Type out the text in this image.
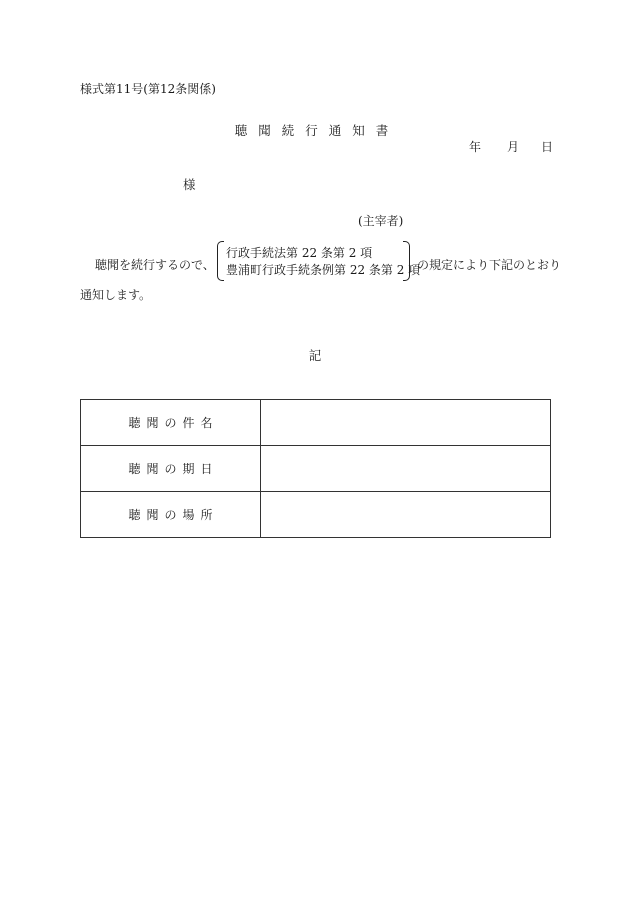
様式第11号(第12条関係)
聴聞続行通知書
年 月 日
様
(主宰者)
聴聞を続行するので、
行政手続法第 22 条第 2 項
豊浦町行政手続条例第 22 条第 2 項
の規定により下記のとおり
通知します。
記
聴聞の件名	
聴聞の期日	
聴聞の場所	
